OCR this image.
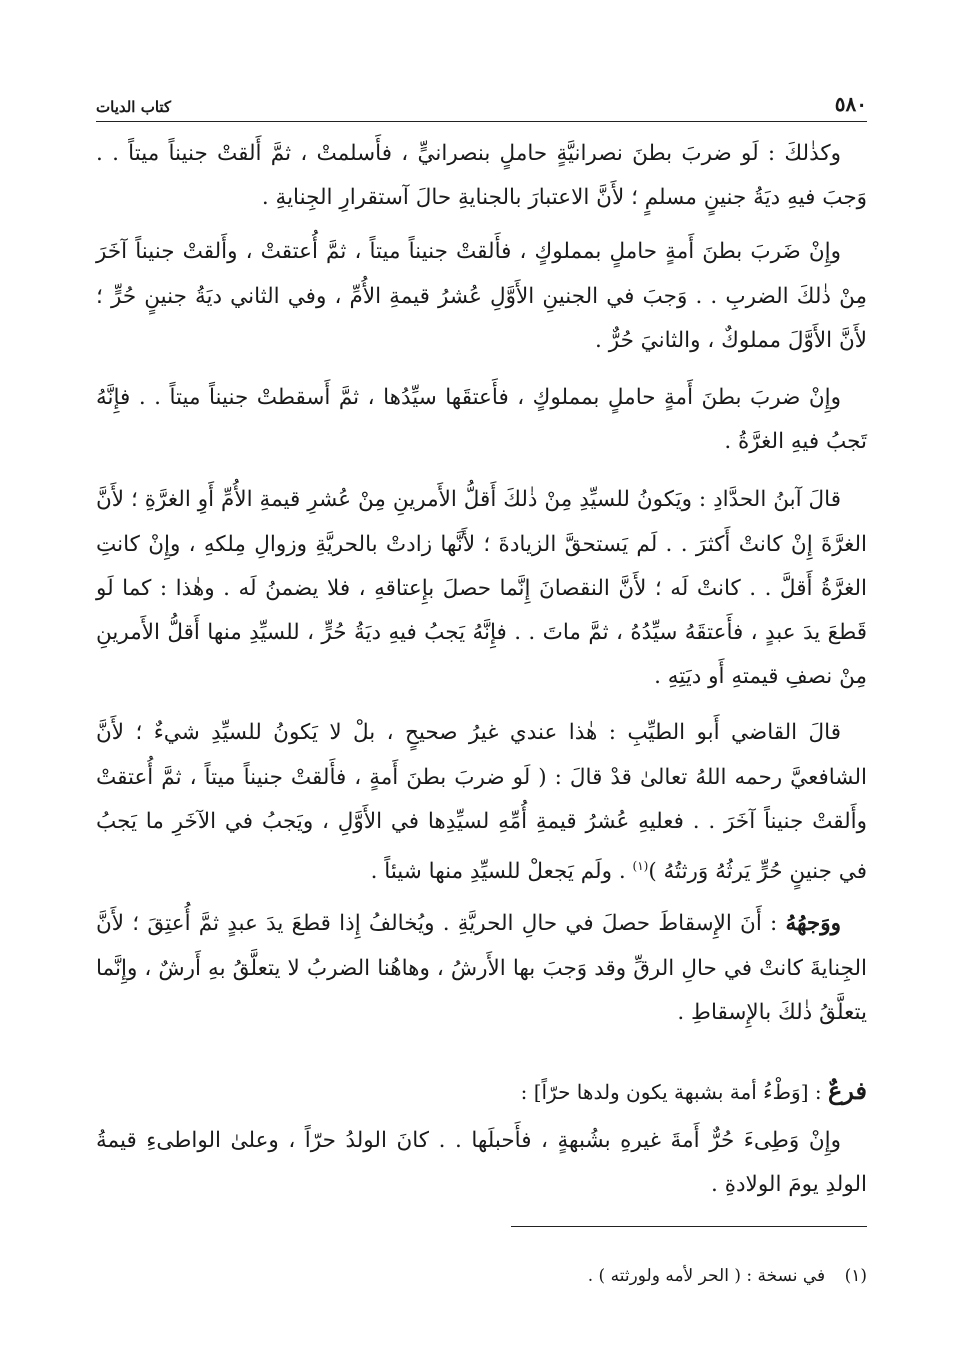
٥٨٠
كتاب الديات

وكذٰلكَ : لَو ضربَ بطنَ نصرانيَّةٍ حاملٍ بنصرانيٍّ ، فأَسلمتْ ، ثمَّ أَلقتْ جنيناً ميتاً . . وَجبَ فيهِ ديَةُ جنينٍ مسلمٍ ؛ لأَنَّ الاعتبارَ بالجنايةِ حالَ آستقرارِ الجِنايةِ .

وإِنْ ضَربَ بطنَ أَمةٍ حاملٍ بمملوكٍ ، فأَلقتْ جنيناً ميتاً ، ثمَّ أُعتقتْ ، وأَلقتْ جنيناً آخَرَ مِنْ ذٰلكَ الضربِ . . وَجبَ في الجنينِ الأَوَّلِ عُشرُ قيمةِ الأُمِّ ، وفي الثاني ديَةُ جنينٍ حُرٍّ ؛ لأَنَّ الأَوَّلَ مملوكٌ ، والثانيَ حُرٌّ .

وإِنْ ضربَ بطنَ أَمةٍ حاملٍ بمملوكٍ ، فأَعتقَها سيِّدُها ، ثمَّ أَسقطتْ جنيناً ميتاً . . فإِنَّهُ تَجبُ فيهِ الغرَّةُ .

قالَ آبنُ الحدَّادِ : ويَكونُ للسيِّدِ مِنْ ذٰلكَ أَقلُّ الأَمرينِ مِنْ عُشرِ قيمةِ الأُمِّ أَوِ الغرَّةِ ؛ لأَنَّ الغرَّةَ إِنْ كانتْ أَكثرَ . . لَم يَستحقَّ الزيادةَ ؛ لأَنَّها زادتْ بالحريَّةِ وزوالِ مِلكهِ ، وإِنْ كانتِ الغرَّةُ أَقلَّ . . كانتْ لَه ؛ لأَنَّ النقصانَ إِنَّما حصلَ بإِعتاقهِ ، فلا يضمنُ لَه . وهٰذا : كما لَو قَطعَ يدَ عبدٍ ، فأَعتقَهُ سيِّدُهُ ، ثمَّ ماتَ . . فإِنَّهُ يَجبُ فيهِ ديَةُ حُرٍّ ، للسيِّدِ منها أَقلُّ الأَمرينِ مِنْ نصفِ قيمتهِ أَو ديَتِهِ .

قالَ القاضي أَبو الطيِّبِ : هٰذا عندي غيرُ صحيحٍ ، بلْ لا يَكونُ للسيِّدِ شيءٌ ؛ لأَنَّ الشافعيَّ رحمه اللهُ تعالىٰ قدْ قالَ : ( لَو ضربَ بطنَ أَمةٍ ، فأَلقتْ جنيناً ميتاً ، ثمَّ أُعتقتْ وأَلقتْ جنيناً آخَرَ . . فعليهِ عُشرُ قيمةِ أُمِّهِ لسيِّدِها في الأَوَّلِ ، ويَجبُ في الآخَرِ ما يَجبُ في جنينٍ حُرٍّ يَرثُهُ وَرثتُهُ )$^{(١)}$ . ولَم يَجعلْ للسيِّدِ منها شيئاً .

ووَجهُهُ : أَنَ الإِسقاطَ حصلَ في حالِ الحريَّةِ . ويُخالفُ إِذا قطعَ يدَ عبدٍ ثمَّ أُعتِقَ ؛ لأَنَّ الجِنايةَ كانتْ في حالِ الرقِّ وقد وَجبَ بها الأَرشُ ، وهاهُنا الضربُ لا يتعلَّقُ بهِ أَرشٌ ، وإِنَّما يتعلَّقُ ذٰلكَ بالإِسقاطِ .

فرعٌ : [وَطْءُ أمة بشبهة يكون ولدها حرّاً] :

وإِنْ وَطِىءَ حُرٌّ أَمةَ غيرهِ بشُبهةٍ ، فأَحبلَها . . كانَ الولدُ حرّاً ، وعلىٰ الواطىءِ قيمةُ الولدِ يومَ الولادةِ .

(١) في نسخة : ( الحر لأمه ولورثته ) .
